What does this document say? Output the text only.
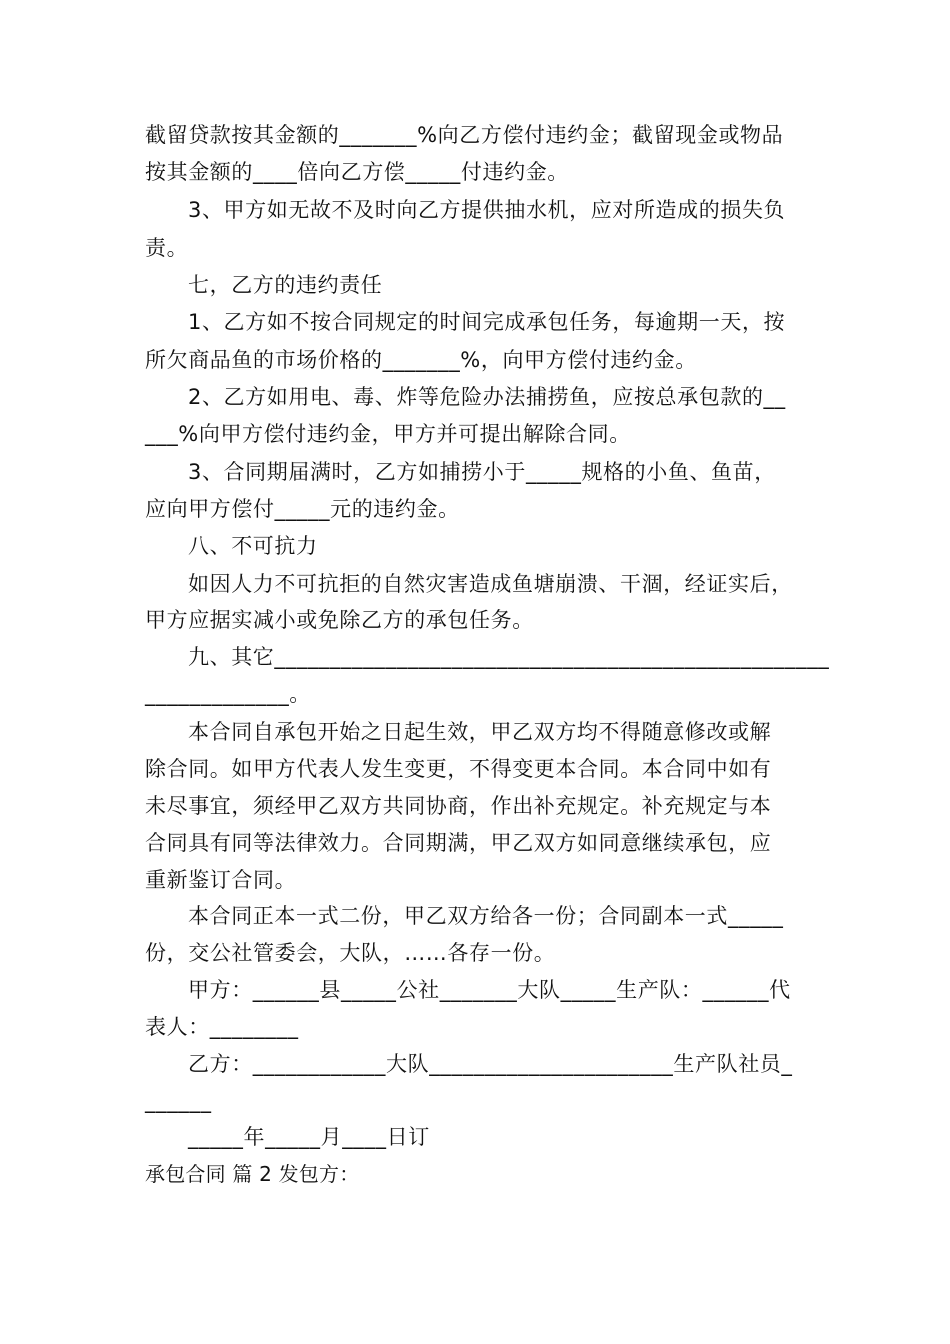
截留贷款按其金额的_______%向乙方偿付违约金；截留现金或物品
按其金额的____倍向乙方偿_____付违约金。
3、甲方如无故不及时向乙方提供抽水机，应对所造成的损失负
责。
七，乙方的违约责任
1、乙方如不按合同规定的时间完成承包任务，每逾期一天，按
所欠商品鱼的市场价格的_______%，向甲方偿付违约金。
2、乙方如用电、毒、炸等危险办法捕捞鱼，应按总承包款的__
___%向甲方偿付违约金，甲方并可提出解除合同。
3、合同期届满时，乙方如捕捞小于_____规格的小鱼、鱼苗，
应向甲方偿付_____元的违约金。
八、不可抗力
如因人力不可抗拒的自然灾害造成鱼塘崩溃、干涸，经证实后，
甲方应据实减小或免除乙方的承包任务。
九、其它__________________________________________________
_____________。
本合同自承包开始之日起生效，甲乙双方均不得随意修改或解
除合同。如甲方代表人发生变更，不得变更本合同。本合同中如有
未尽事宜，须经甲乙双方共同协商，作出补充规定。补充规定与本
合同具有同等法律效力。合同期满，甲乙双方如同意继续承包，应
重新鉴订合同。
本合同正本一式二份，甲乙双方给各一份；合同副本一式_____
份，交公社管委会，大队，……各存一份。
甲方：______县_____公社_______大队_____生产队：______代
表人：________
乙方：____________大队______________________生产队社员_
______
_____年_____月____日订
承包合同 篇 2 发包方：
